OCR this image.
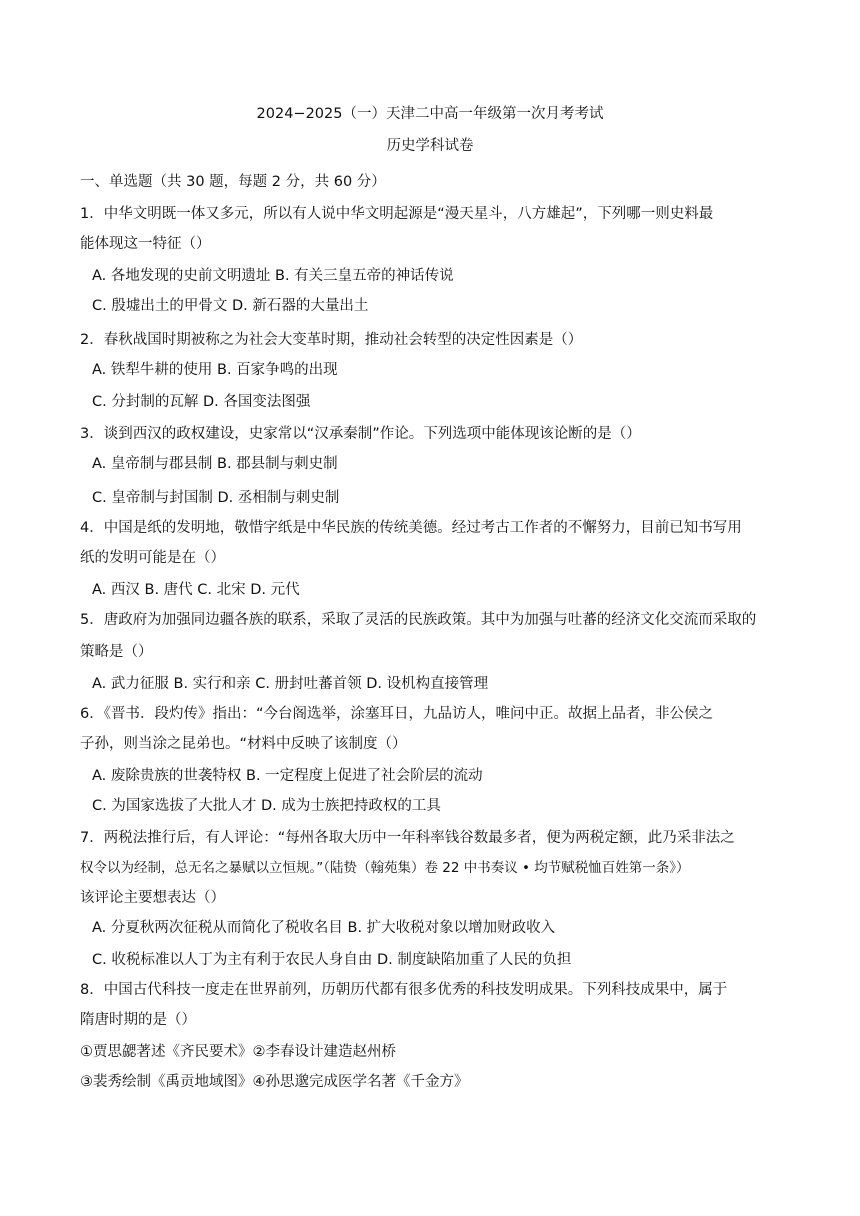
2024−2025（一）天津二中高一年级第一次月考考试
历史学科试卷
一、单选题（共 30 题，每题 2 分，共 60 分）
1．中华文明既一体又多元，所以有人说中华文明起源是“漫天星斗，八方雄起”，下列哪一则史料最
能体现这一特征（）
A. 各地发现的史前文明遗址 B. 有关三皇五帝的神话传说
C. 殷墟出土的甲骨文 D. 新石器的大量出土
2．春秋战国时期被称之为社会大变革时期，推动社会转型的决定性因素是（）
A. 铁犁牛耕的使用 B. 百家争鸣的出现
C. 分封制的瓦解 D. 各国变法图强
3．谈到西汉的政权建设，史家常以“汉承秦制”作论。下列选项中能体现该论断的是（）
A. 皇帝制与郡县制 B. 郡县制与刺史制
C. 皇帝制与封国制 D. 丞相制与刺史制
4．中国是纸的发明地，敬惜字纸是中华民族的传统美德。经过考古工作者的不懈努力，目前已知书写用
纸的发明可能是在（）
A. 西汉 B. 唐代 C. 北宋 D. 元代
5．唐政府为加强同边疆各族的联系，采取了灵活的民族政策。其中为加强与吐蕃的经济文化交流而采取的
策略是（）
A. 武力征服 B. 实行和亲 C. 册封吐蕃首领 D. 设机构直接管理
6．《晋书．段灼传》指出：“今台阁选举，涂塞耳日，九品访人，唯问中正。故据上品者，非公侯之
子孙，则当涂之昆弟也。“材料中反映了该制度（）
A. 废除贵族的世袭特权 B. 一定程度上促进了社会阶层的流动
C. 为国家选拔了大批人才 D. 成为士族把持政权的工具
7．两税法推行后，有人评论：“每州各取大历中一年科率钱谷数最多者，便为两税定额，此乃采非法之
权令以为经制，总无名之暴赋以立恒规。”（陆贽（翰苑集）卷 22 中书奏议 • 均节赋税恤百姓第一条》）
该评论主要想表达（）
A. 分夏秋两次征税从而简化了税收名目 B. 扩大收税对象以增加财政收入
C. 收税标准以人丁为主有利于农民人身自由 D. 制度缺陷加重了人民的负担
8．中国古代科技一度走在世界前列，历朝历代都有很多优秀的科技发明成果。下列科技成果中，属于
隋唐时期的是（）
①贾思勰著述《齐民要术》②李春设计建造赵州桥
③裴秀绘制《禹贡地域图》④孙思邈完成医学名著《千金方》
